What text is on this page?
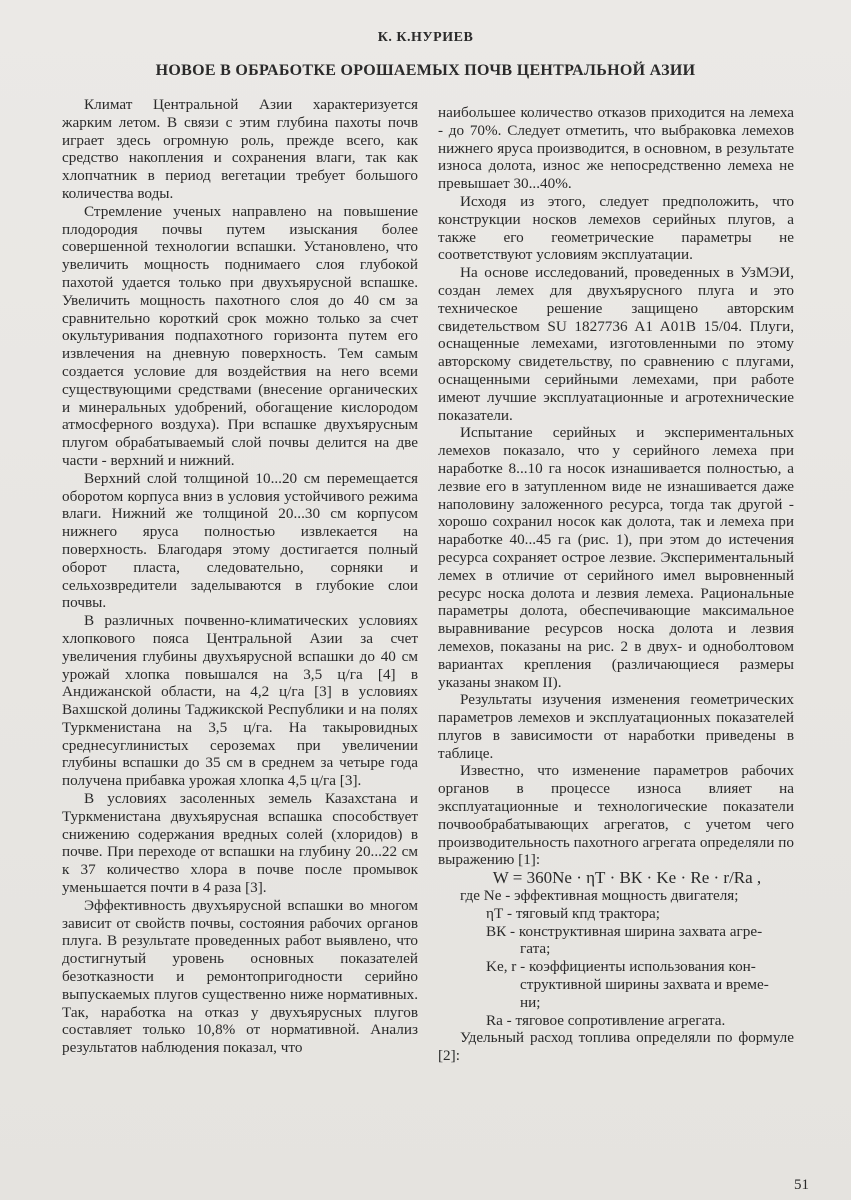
К. К.НУРИЕВ
НОВОЕ В ОБРАБОТКЕ ОРОШАЕМЫХ ПОЧВ ЦЕНТРАЛЬНОЙ АЗИИ

Климат Центральной Азии характеризуется жарким летом. В связи с этим глубина пахоты почв играет здесь огромную роль, прежде всего, как средство накопления и сохранения влаги, так как хлопчатник в период вегетации требует большого количества воды.

Стремление ученых направлено на повышение плодородия почвы путем изыскания более совершенной технологии вспашки. Установлено, что увеличить мощность поднимаего слоя глубокой пахотой удается только при двухъярусной вспашке. Увеличить мощность пахотного слоя до 40 см за сравнительно короткий срок можно только за счет окультуривания подпахотного горизонта путем его извлечения на дневную поверхность. Тем самым создается условие для воздействия на него всеми существующими средствами (внесение органических и минеральных удобрений, обогащение кислородом атмосферного воздуха). При вспашке двухъярусным плугом обрабатываемый слой почвы делится на две части - верхний и нижний.

Верхний слой толщиной 10...20 см перемещается оборотом корпуса вниз в условия устойчивого режима влаги. Нижний же толщиной 20...30 см корпусом нижнего яруса полностью извлекается на поверхность. Благодаря этому достигается полный оборот пласта, следовательно, сорняки и сельхозвредители заделываются в глубокие слои почвы.

В различных почвенно-климатических условиях хлопкового пояса Центральной Азии за счет увеличения глубины двухъярусной вспашки до 40 см урожай хлопка повышался на 3,5 ц/га [4] в Андижанской области, на 4,2 ц/га [3] в условиях Вахшской долины Таджикской Республики и на полях Туркменистана на 3,5 ц/га. На такыровидных среднесуглинистых сероземах при увеличении глубины вспашки до 35 см в среднем за четыре года получена прибавка урожая хлопка 4,5 ц/га [3].

В условиях засоленных земель Казахстана и Туркменистана двухъярусная вспашка способствует снижению содержания вредных солей (хлоридов) в почве. При переходе от вспашки на глубину 20...22 см к 37 количество хлора в почве после промывок уменьшается почти в 4 раза [3].

Эффективность двухъярусной вспашки во многом зависит от свойств почвы, состояния рабочих органов плуга. В результате проведенных работ выявлено, что достигнутый уровень основных показателей безотказности и ремонтопригодности серийно выпускаемых плугов существенно ниже нормативных. Так, наработка на отказ у двухъярусных плугов составляет только 10,8% от нормативной. Анализ результатов наблюдения показал, что

наибольшее количество отказов приходится на лемеха - до 70%. Следует отметить, что выбраковка лемехов нижнего яруса производится, в основном, в результате износа долота, износ же непосредственно лемеха не превышает 30...40%.

Исходя из этого, следует предположить, что конструкции носков лемехов серийных плугов, а также его геометрические параметры не соответствуют условиям эксплуатации.

На основе исследований, проведенных в УзМЭИ, создан лемех для двухъярусного плуга и это техническое решение защищено авторским свидетельством SU 1827736 A1 A01B 15/04. Плуги, оснащенные лемехами, изготовленными по этому авторскому свидетельству, по сравнению с плугами, оснащенными серийными лемехами, при работе имеют лучшие эксплуатационные и агротехнические показатели.

Испытание серийных и экспериментальных лемехов показало, что у серийного лемеха при наработке 8...10 га носок изнашивается полностью, а лезвие его в затупленном виде не изнашивается даже наполовину заложенного ресурса, тогда так другой - хорошо сохранил носок как долота, так и лемеха при наработке 40...45 га (рис. 1), при этом до истечения ресурса сохраняет острое лезвие. Экспериментальный лемех в отличие от серийного имел выровненный ресурс носка долота и лезвия лемеха. Рациональные параметры долота, обеспечивающие максимальное выравнивание ресурсов носка долота и лезвия лемехов, показаны на рис. 2 в двух- и одноболтовом вариантах крепления (различающиеся размеры указаны знаком II).

Результаты изучения изменения геометрических параметров лемехов и эксплуатационных показателей плугов в зависимости от наработки приведены в таблице.

Известно, что изменение параметров рабочих органов в процессе износа влияет на эксплуатационные и технологические показатели почвообрабатывающих агрегатов, с учетом чего производительность пахотного агрегата определяли по выражению [1]:

W = 360Ne · ηТ · BК · Ke · Re · r/Ra ,

где Ne - эффективная мощность двигателя;

ηТ - тяговый кпд трактора;

BК - конструктивная ширина захвата агре-

гата;

Ke, r - коэффициенты использования кон-

структивной ширины захвата и време-

ни;

Ra - тяговое сопротивление агрегата.

Удельный расход топлива определяли по формуле [2]:

51
